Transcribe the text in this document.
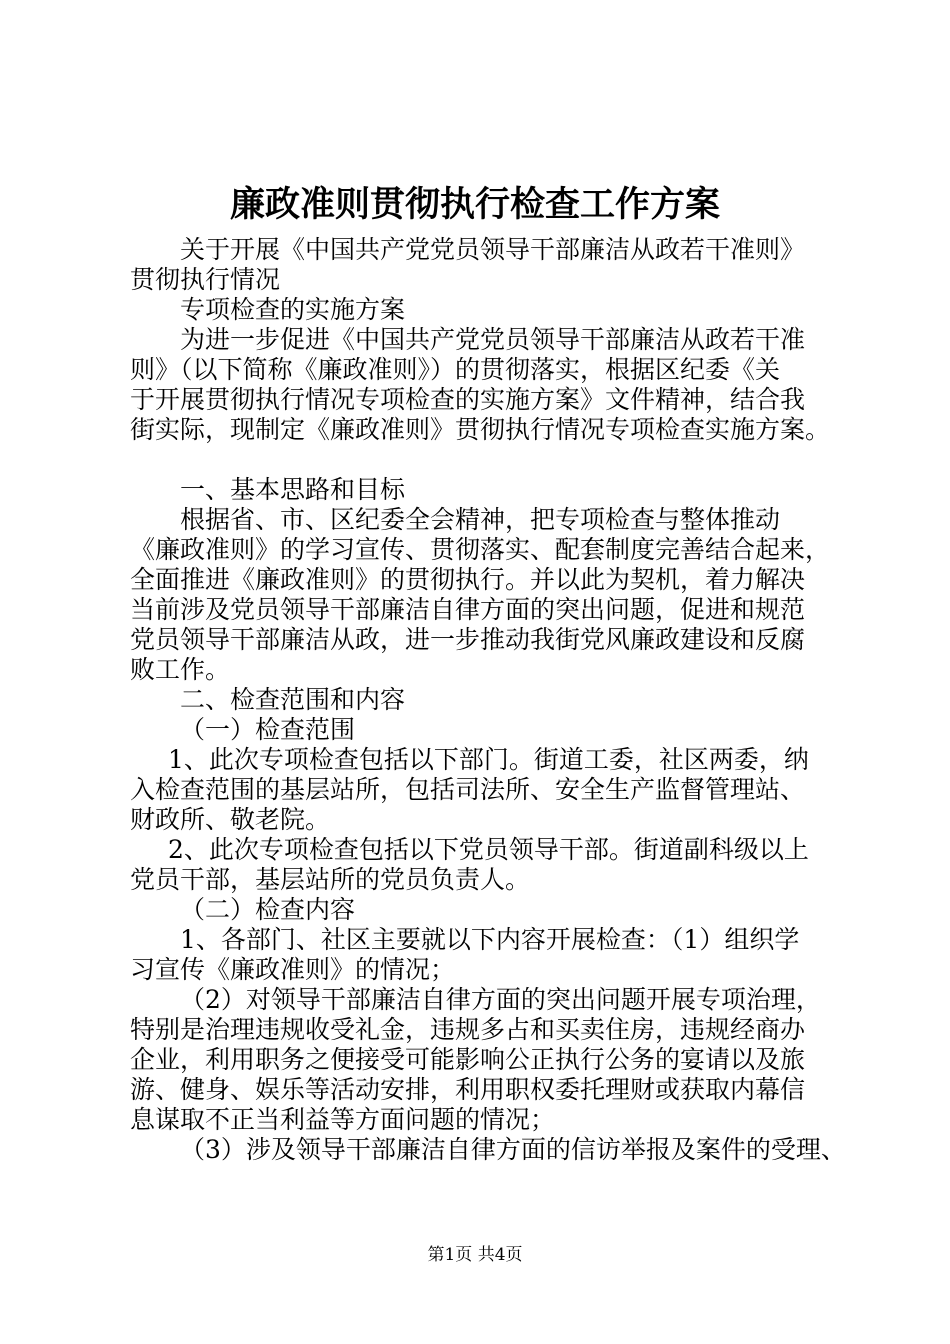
廉政准则贯彻执行检查工作方案
关于开展《中国共产党党员领导干部廉洁从政若干准则》
贯彻执行情况
专项检查的实施方案
为进一步促进《中国共产党党员领导干部廉洁从政若干准
则》（以下简称《廉政准则》）的贯彻落实，根据区纪委《关
于开展贯彻执行情况专项检查的实施方案》文件精神，结合我
街实际，现制定《廉政准则》贯彻执行情况专项检查实施方案。
一、基本思路和目标
根据省、市、区纪委全会精神，把专项检查与整体推动
《廉政准则》的学习宣传、贯彻落实、配套制度完善结合起来，
全面推进《廉政准则》的贯彻执行。并以此为契机，着力解决
当前涉及党员领导干部廉洁自律方面的突出问题，促进和规范
党员领导干部廉洁从政，进一步推动我街党风廉政建设和反腐
败工作。
二、检查范围和内容
（一）检查范围
1、此次专项检查包括以下部门。街道工委，社区两委，纳
入检查范围的基层站所，包括司法所、安全生产监督管理站、
财政所、敬老院。
2、此次专项检查包括以下党员领导干部。街道副科级以上
党员干部，基层站所的党员负责人。
（二）检查内容
1、各部门、社区主要就以下内容开展检查：（1）组织学
习宣传《廉政准则》的情况；
（2）对领导干部廉洁自律方面的突出问题开展专项治理，
特别是治理违规收受礼金，违规多占和买卖住房，违规经商办
企业，利用职务之便接受可能影响公正执行公务的宴请以及旅
游、健身、娱乐等活动安排，利用职权委托理财或获取内幕信
息谋取不正当利益等方面问题的情况；
（3）涉及领导干部廉洁自律方面的信访举报及案件的受理、
第1页 共4页
